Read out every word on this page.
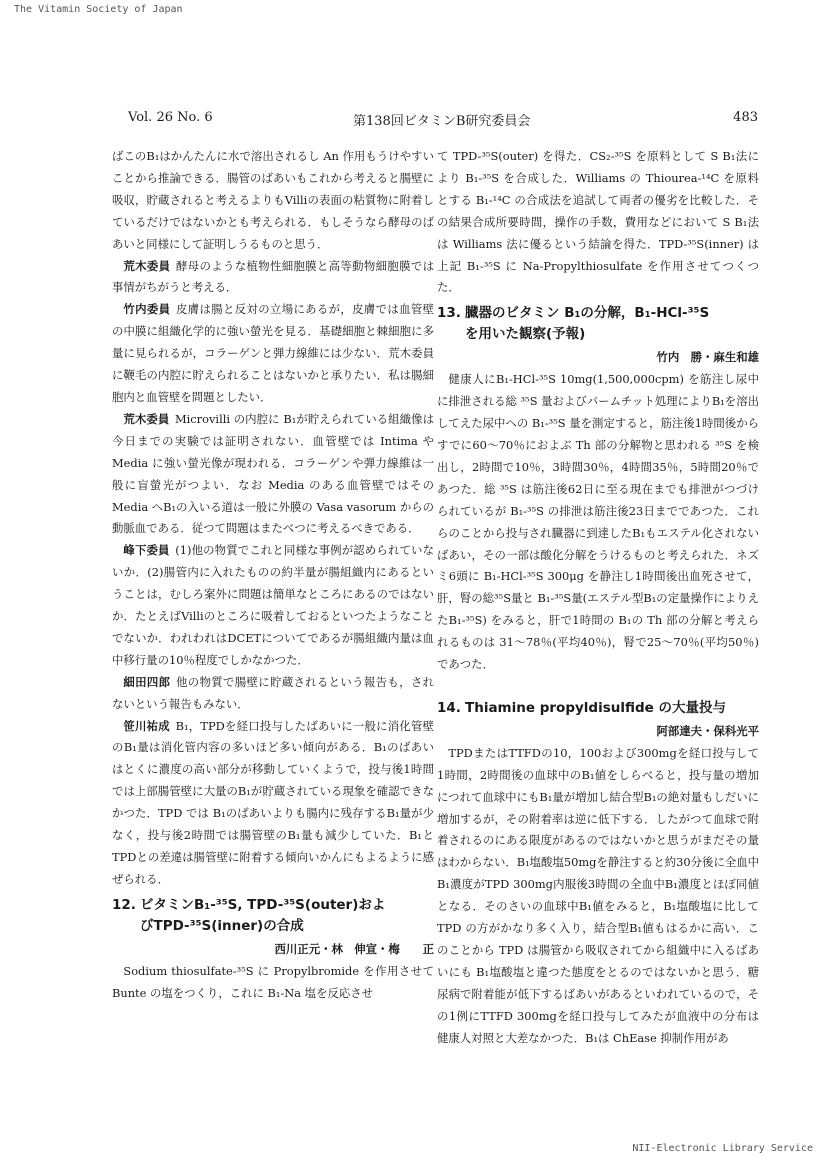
The Vitamin Society of Japan
Vol. 26 No. 6	第138回ビタミンB研究委員会	483

ばこのB₁はかんたんに水で溶出されるし An 作用もうけやすいことから推論できる．腸管のばあいもこれから考えると腸壁に吸収，貯蔵されると考えるよりもVilliの表面の粘質物に附着しているだけではないかとも考えられる．もしそうなら酵母のばあいと同様にして証明しうるものと思う．

荒木委員 酵母のような植物性細胞膜と高等動物細胞膜では事情がちがうと考える．

竹内委員 皮膚は腸と反対の立場にあるが，皮膚では血管壁の中膜に組織化学的に強い螢光を見る．基礎細胞と棘細胞に多量に見られるが，コラーゲンと弾力線維には少ない．荒木委員に鞭毛の内腔に貯えられることはないかと承りたい．私は腸細胞内と血管壁を問題としたい．

荒木委員 Microvilli の内腔に B₁が貯えられている組織像は今日までの実験では証明されない．血管壁では Intima や Media に強い螢光像が現われる．コラーゲンや弾力線維は一般に盲螢光がつよい．なお Media のある血管壁ではその Media へB₁の入いる道は一般に外膜の Vasa vasorum からの動脈血である．従つて問題はまたべつに考えるべきである．

峰下委員 (1)他の物質でこれと同様な事例が認められていないか．(2)腸管内に入れたものの約半量が腸組織内にあるということは，むしろ案外に問題は簡単なところにあるのではないか．たとえばVilliのところに吸着しておるといつたようなことでないか．われわれはDCETについてであるが腸組織内量は血中移行量の10％程度でしかなかつた．

細田四郎 他の物質で腸壁に貯蔵されるという報告も，されないという報告もみない．

笹川祐成 B₁，TPDを経口投与したばあいに一般に消化管壁のB₁量は消化管内容の多いほど多い傾向がある．B₁のばあいはとくに濃度の高い部分が移動していくようで，投与後1時間では上部腸管壁に大量のB₁が貯蔵されている現象を確認できなかつた．TPD では B₁のばあいよりも腸内に残存するB₁量が少なく，投与後2時間では腸管壁のB₁量も減少していた．B₁とTPDとの差違は腸管壁に附着する傾向いかんにもよるように感ぜられる．

12. ビタミンB₁-³⁵S, TPD-³⁵S(outer)およ
びTPD-³⁵S(inner)の合成
西川正元・林　伸宣・梅　　正

Sodium thiosulfate-³⁵S に Propylbromide を作用させて Bunte の塩をつくり，これに B₁-Na 塩を反応させ

て TPD-³⁵S(outer) を得た．CS₂-³⁵S を原料として S B₁法により B₁-³⁵S を合成した．Williams の Thiourea-¹⁴C を原料とする B₁-¹⁴C の合成法を追試して両者の優劣を比較した．その結果合成所要時間，操作の手数，費用などにおいて S B₁法は Williams 法に優るという結論を得た．TPD-³⁵S(inner) は上記 B₁-³⁵S に Na-Propylthiosulfate を作用させてつくつた．

13. 臓器のビタミン B₁の分解，B₁-HCl-³⁵S
を用いた観察(予報)
竹内　勝・麻生和雄

健康人にB₁-HCl-³⁵S 10mg(1,500,000cpm) を筋注し尿中に排泄される総 ³⁵S 量およびパームチット処理によりB₁を溶出してえた尿中への B₁-³⁵S 量を測定すると，筋注後1時間後からすでに60〜70％におよぶ Th 部の分解物と思われる ³⁵S を検出し，2時間で10％，3時間30％，4時間35％，5時間20％であつた．総 ³⁵S は筋注後62日に至る現在までも排泄がつづけられているが B₁-³⁵S の排泄は筋注後23日までであつた．これらのことから投与され臓器に到達したB₁もエステル化されないばあい，その一部は酸化分解をうけるものと考えられた．ネズミ6頭に B₁-HCl-³⁵S 300μg を静注し1時間後出血死させて，肝，腎の総³⁵S量と B₁-³⁵S量(エステル型B₁の定量操作によりえたB₁-³⁵S) をみると，肝で1時間の B₁の Th 部の分解と考えられるものは 31〜78％(平均40％)，腎で25〜70％(平均50％)であつた．

14. Thiamine propyldisulfide の大量投与
阿部達夫・保科光平

TPDまたはTTFDの10，100および300mgを経口投与して1時間，2時間後の血球中のB₁値をしらべると，投与量の増加につれて血球中にもB₁量が増加し結合型B₁の絶対量もしだいに増加するが，その附着率は逆に低下する．したがつて血球で附着されるのにある限度があるのではないかと思うがまだその量はわからない．B₁塩酸塩50mgを静注すると約30分後に全血中B₁濃度がTPD 300mg内服後3時間の全血中B₁濃度とほぼ同値となる．そのさいの血球中B₁値をみると，B₁塩酸塩に比して TPD の方がかなり多く入り，結合型B₁値もはるかに高い．このことから TPD は腸管から吸収されてから組織中に入るばあいにも B₁塩酸塩と違つた態度をとるのではないかと思う．糖尿病で附着能が低下するばあいがあるといわれているので，その1例にTTFD 300mgを経口投与してみたが血液中の分布は健康人対照と大差なかつた．B₁は ChEase 抑制作用があ

NII-Electronic Library Service
